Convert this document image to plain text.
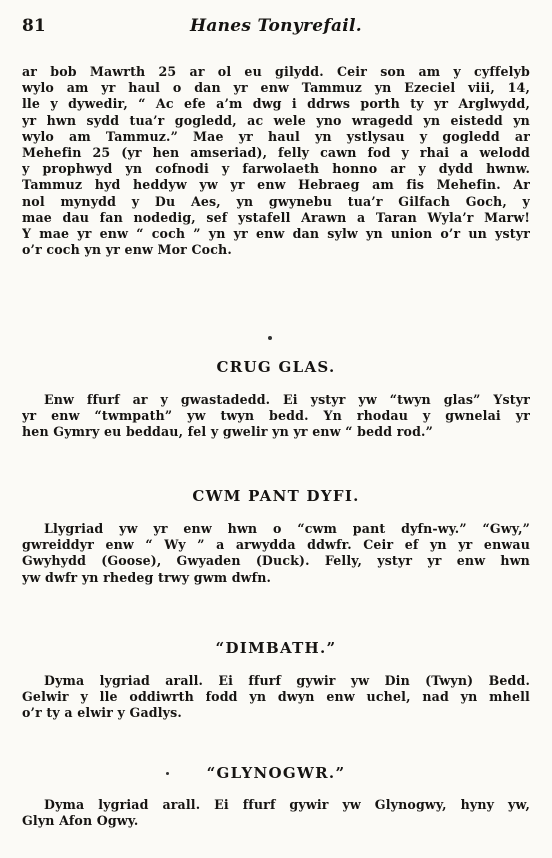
81	Hanes Tonyrefail.
ar bob Mawrth 25 ar ol eu gilydd. Ceir son am y cyffelyb
wylo am yr haul o dan yr enw Tammuz yn Ezeciel viii, 14,
lle y dywedir, “ Ac efe a’m dwg i ddrws porth ty yr Arglwydd,
yr hwn sydd tua’r gogledd, ac wele yno wragedd yn eistedd yn
wylo am Tammuz.” Mae yr haul yn ystlysau y gogledd ar
Mehefin 25 (yr hen amseriad), felly cawn fod y rhai a welodd
y prophwyd yn cofnodi y farwolaeth honno ar y dydd hwnw.
Tammuz hyd heddyw yw yr enw Hebraeg am fis Mehefin. Ar
nol mynydd y Du Aes, yn gwynebu tua’r Gilfach Goch, y
mae dau fan nodedig, sef ystafell Arawn a Taran Wyla’r Marw!
Y mae yr enw “ coch ” yn yr enw dan sylw yn union o’r un ystyr
o’r coch yn yr enw Mor Coch.
CRUG GLAS.
Enw ffurf ar y gwastadedd. Ei ystyr yw “twyn glas” Ystyr
yr enw “twmpath” yw twyn bedd. Yn rhodau y gwnelai yr
hen Gymry eu beddau, fel y gwelir yn yr enw “ bedd rod.”
CWM PANT DYFI.
Llygriad yw yr enw hwn o “cwm pant dyfn-wy.” “Gwy,”
gwreiddyr enw “ Wy ” a arwydda ddwfr. Ceir ef yn yr enwau
Gwyhydd (Goose), Gwyaden (Duck). Felly, ystyr yr enw hwn
yw dwfr yn rhedeg trwy gwm dwfn.
“DIMBATH.”
Dyma lygriad arall. Ei ffurf gywir yw Din (Twyn) Bedd.
Gelwir y lle oddiwrth fodd yn dwyn enw uchel, nad yn mhell
o’r ty a elwir y Gadlys.
“GLYNOGWR.”
Dyma lygriad arall. Ei ffurf gywir yw Glynogwy, hyny yw,
Glyn Afon Ogwy.
